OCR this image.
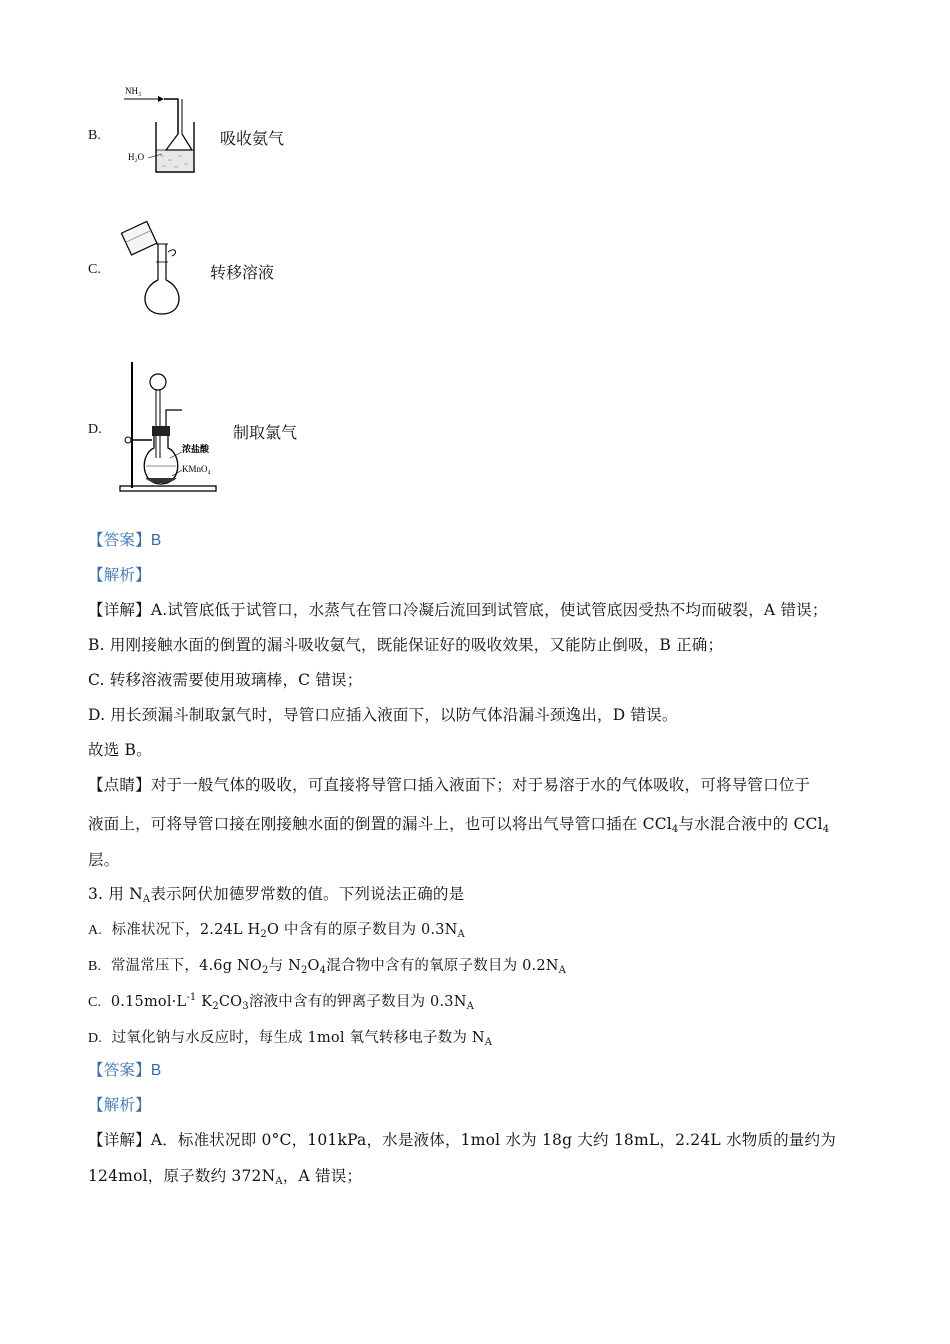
B.
NH₃
H₂O
吸收氨气
C.	转移溶液
D.
浓盐酸
KMnO₄
制取氯气
【答案】B
【解析】
【详解】A.试管底低于试管口，水蒸气在管口冷凝后流回到试管底，使试管底因受热不均而破裂，A 错误；
B. 用刚接触水面的倒置的漏斗吸收氨气，既能保证好的吸收效果，又能防止倒吸，B 正确；
C. 转移溶液需要使用玻璃棒，C 错误；
D. 用长颈漏斗制取氯气时，导管口应插入液面下，以防气体沿漏斗颈逸出，D 错误。
故选 B。
【点睛】对于一般气体的吸收，可直接将导管口插入液面下；对于易溶于水的气体吸收，可将导管口位于
液面上，可将导管口接在刚接触水面的倒置的漏斗上，也可以将出气导管口插在 CCl$_4$与水混合液中的 CCl$_4$
层。
3. 用 $N_A$表示阿伏加德罗常数的值。下列说法正确的是
A. 标准状况下，2.24L $H_2O$ 中含有的原子数目为 $0.3N_A$
B. 常温常压下，4.6g $NO_2$与 $N_2O_4$混合物中含有的氧原子数目为 $0.2N_A$
C. $0.15mol\cdot L^{-1}$ $K_2CO_3$溶液中含有的钾离子数目为 $0.3N_A$
D. 过氧化钠与水反应时，每生成 1mol 氧气转移电子数为 $N_A$
【答案】B
【解析】
【详解】A．标准状况即 0°C，101kPa，水是液体，1mol 水为 18g 大约 18mL，2.24L 水物质的量约为
124mol，原子数约 $372N_A$，A 错误；
